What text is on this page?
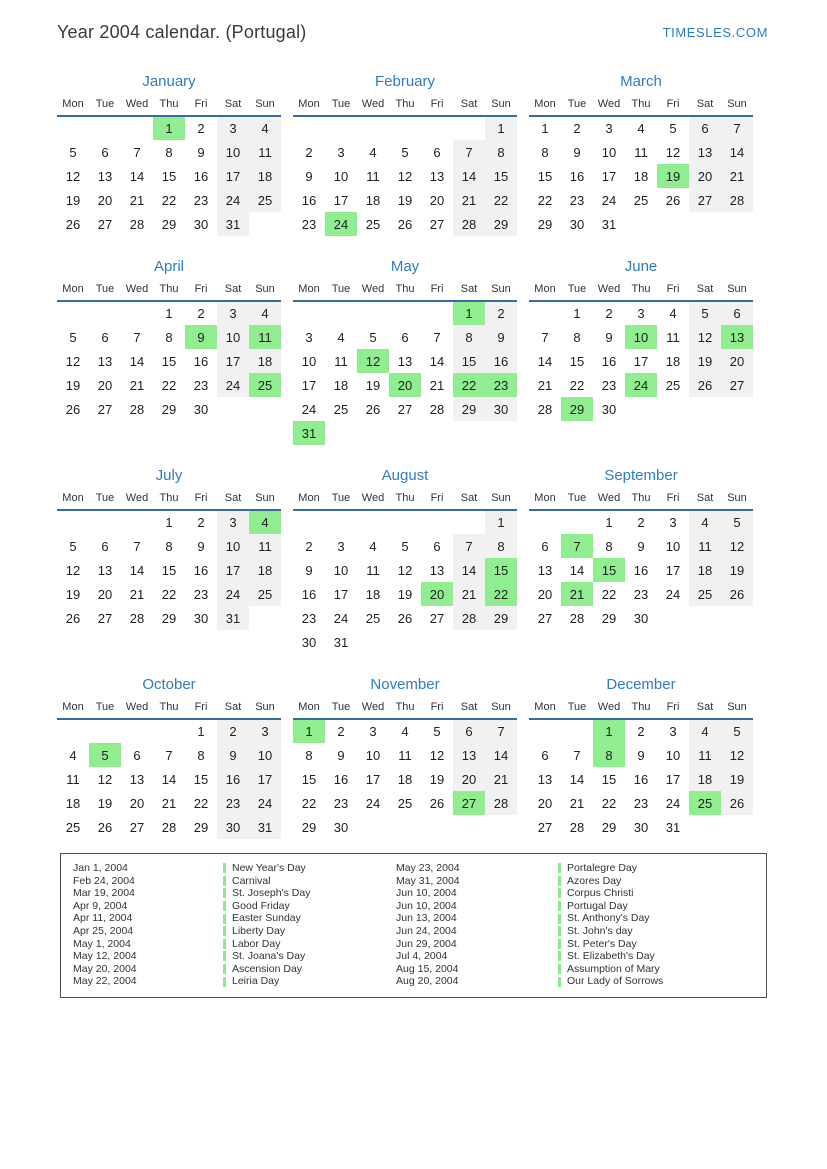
Year 2004 calendar. (Portugal)	TIMESLES.COM
January
Mon	Tue	Wed	Thu	Fri	Sat	Sun
			1	2	3	4
5	6	7	8	9	10	11
12	13	14	15	16	17	18
19	20	21	22	23	24	25
26	27	28	29	30	31	
February
Mon	Tue	Wed	Thu	Fri	Sat	Sun
						1
2	3	4	5	6	7	8
9	10	11	12	13	14	15
16	17	18	19	20	21	22
23	24	25	26	27	28	29
March
Mon	Tue	Wed	Thu	Fri	Sat	Sun
1	2	3	4	5	6	7
8	9	10	11	12	13	14
15	16	17	18	19	20	21
22	23	24	25	26	27	28
29	30	31				
April
Mon	Tue	Wed	Thu	Fri	Sat	Sun
			1	2	3	4
5	6	7	8	9	10	11
12	13	14	15	16	17	18
19	20	21	22	23	24	25
26	27	28	29	30		
May
Mon	Tue	Wed	Thu	Fri	Sat	Sun
					1	2
3	4	5	6	7	8	9
10	11	12	13	14	15	16
17	18	19	20	21	22	23
24	25	26	27	28	29	30
31						
June
Mon	Tue	Wed	Thu	Fri	Sat	Sun
	1	2	3	4	5	6
7	8	9	10	11	12	13
14	15	16	17	18	19	20
21	22	23	24	25	26	27
28	29	30				
July
Mon	Tue	Wed	Thu	Fri	Sat	Sun
			1	2	3	4
5	6	7	8	9	10	11
12	13	14	15	16	17	18
19	20	21	22	23	24	25
26	27	28	29	30	31	
August
Mon	Tue	Wed	Thu	Fri	Sat	Sun
						1
2	3	4	5	6	7	8
9	10	11	12	13	14	15
16	17	18	19	20	21	22
23	24	25	26	27	28	29
30	31					
September
Mon	Tue	Wed	Thu	Fri	Sat	Sun
		1	2	3	4	5
6	7	8	9	10	11	12
13	14	15	16	17	18	19
20	21	22	23	24	25	26
27	28	29	30			
October
Mon	Tue	Wed	Thu	Fri	Sat	Sun
				1	2	3
4	5	6	7	8	9	10
11	12	13	14	15	16	17
18	19	20	21	22	23	24
25	26	27	28	29	30	31
November
Mon	Tue	Wed	Thu	Fri	Sat	Sun
1	2	3	4	5	6	7
8	9	10	11	12	13	14
15	16	17	18	19	20	21
22	23	24	25	26	27	28
29	30					
December
Mon	Tue	Wed	Thu	Fri	Sat	Sun
		1	2	3	4	5
6	7	8	9	10	11	12
13	14	15	16	17	18	19
20	21	22	23	24	25	26
27	28	29	30	31		
Jan 1, 2004	New Year's Day
Feb 24, 2004	Carnival
Mar 19, 2004	St. Joseph's Day
Apr 9, 2004	Good Friday
Apr 11, 2004	Easter Sunday
Apr 25, 2004	Liberty Day
May 1, 2004	Labor Day
May 12, 2004	St. Joana's Day
May 20, 2004	Ascension Day
May 22, 2004	Leiria Day
May 23, 2004	Portalegre Day
May 31, 2004	Azores Day
Jun 10, 2004	Corpus Christi
Jun 10, 2004	Portugal Day
Jun 13, 2004	St. Anthony's Day
Jun 24, 2004	St. John's day
Jun 29, 2004	St. Peter's Day
Jul 4, 2004	St. Elizabeth's Day
Aug 15, 2004	Assumption of Mary
Aug 20, 2004	Our Lady of Sorrows
